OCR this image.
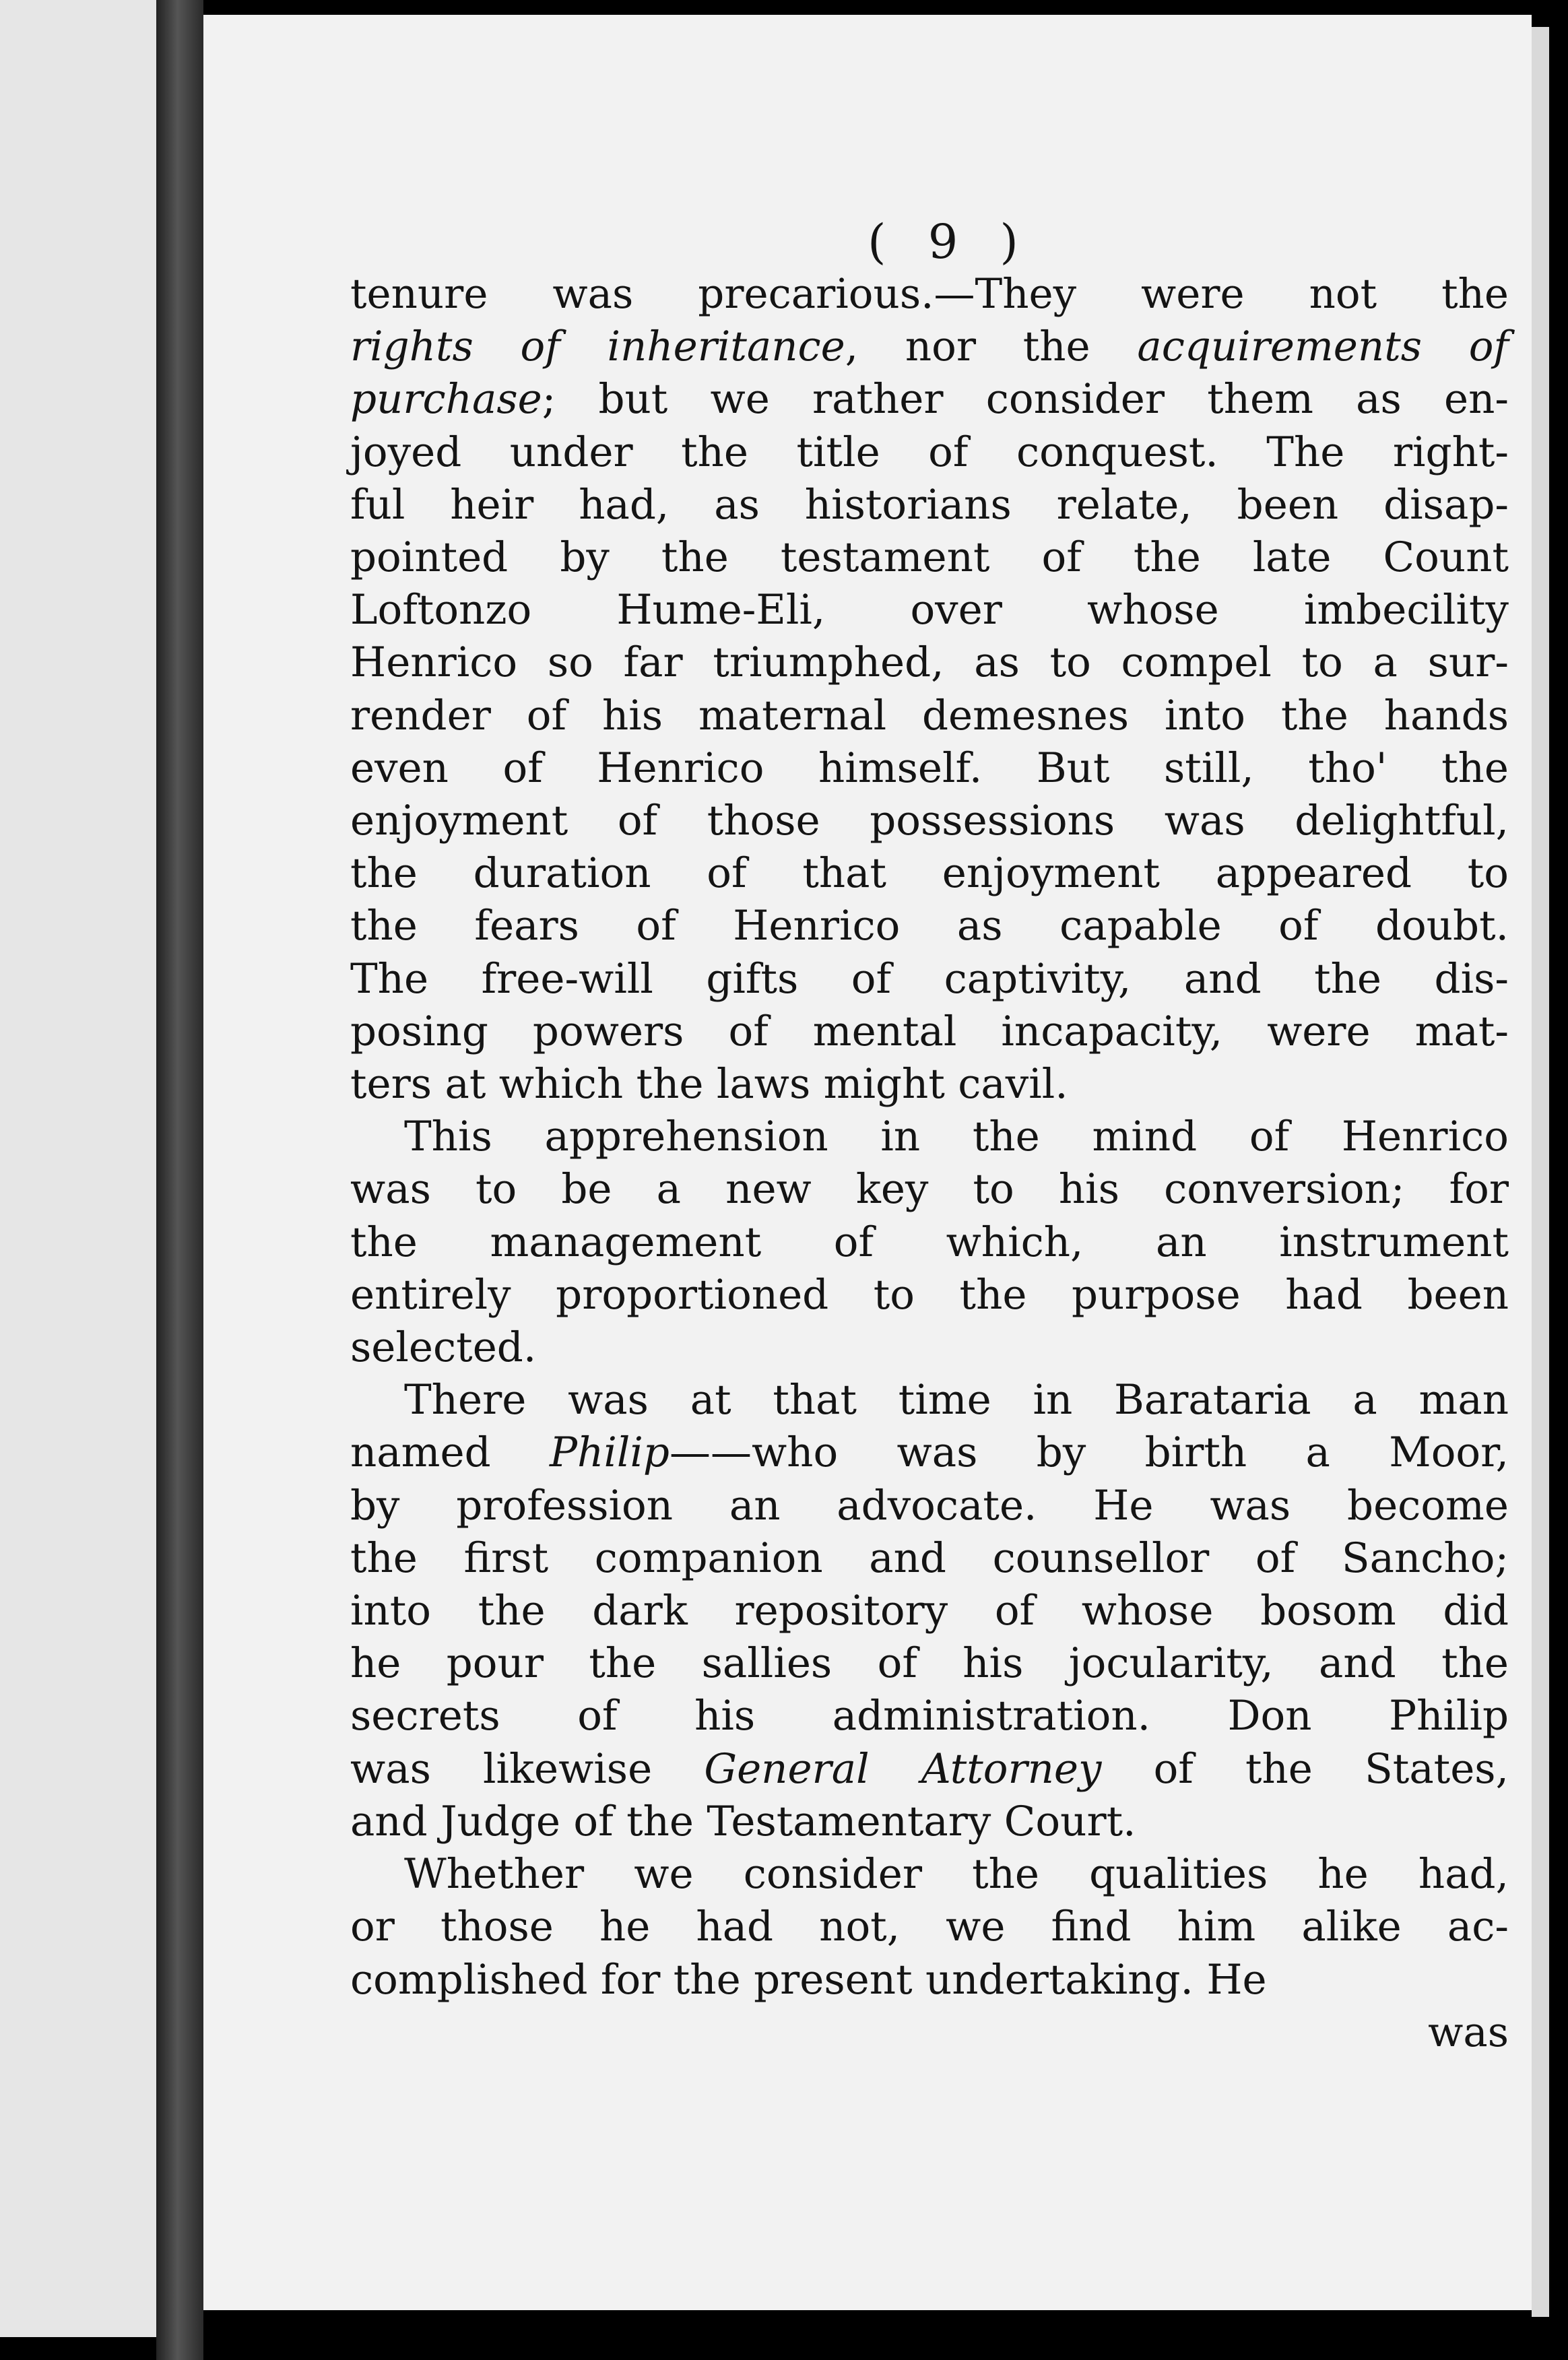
( 9 )
tenure was precarious.—They were not the
rights of inheritance, nor the acquirements of
purchase; but we rather consider them as en-
joyed under the title of conquest. The right-
ful heir had, as historians relate, been disap-
pointed by the testament of the late Count
Loftonzo Hume-Eli, over whose imbecility
Henrico so far triumphed, as to compel to a sur-
render of his maternal demesnes into the hands
even of Henrico himself. But still, tho' the
enjoyment of those possessions was delightful,
the duration of that enjoyment appeared to
the fears of Henrico as capable of doubt.
The free-will gifts of captivity, and the dis-
posing powers of mental incapacity, were mat-
ters at which the laws might cavil.
This apprehension in the mind of Henrico
was to be a new key to his conversion; for
the management of which, an instrument
entirely proportioned to the purpose had been
selected.
There was at that time in Barataria a man
named Philip——who was by birth a Moor,
by profession an advocate. He was become
the first companion and counsellor of Sancho;
into the dark repository of whose bosom did
he pour the sallies of his jocularity, and the
secrets of his administration. Don Philip
was likewise General Attorney of the States,
and Judge of the Testamentary Court.
Whether we consider the qualities he had,
or those he had not, we find him alike ac-
complished for the present undertaking. He
was
